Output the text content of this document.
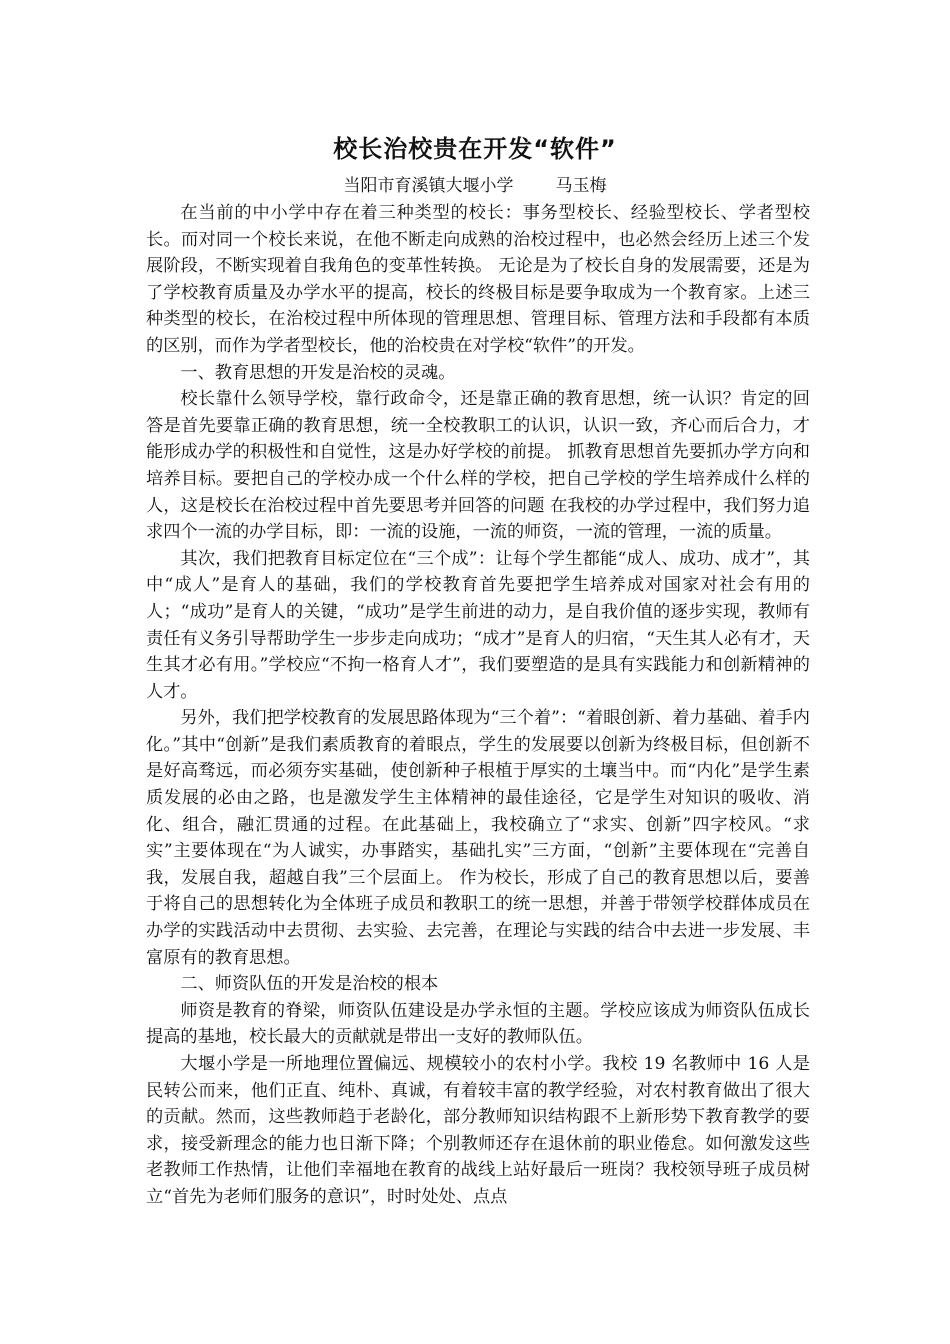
校长治校贵在开发“软件”
当阳市育溪镇大堰小学 马玉梅

在当前的中小学中存在着三种类型的校长：事务型校长、经验型校长、学者型校长。而对同一个校长来说，在他不断走向成熟的治校过程中，也必然会经历上述三个发展阶段，不断实现着自我角色的变革性转换。 无论是为了校长自身的发展需要，还是为了学校教育质量及办学水平的提高，校长的终极目标是要争取成为一个教育家。上述三种类型的校长，在治校过程中所体现的管理思想、管理目标、管理方法和手段都有本质的区别，而作为学者型校长，他的治校贵在对学校“软件”的开发。

一、教育思想的开发是治校的灵魂。

校长靠什么领导学校，靠行政命令，还是靠正确的教育思想，统一认识？肯定的回答是首先要靠正确的教育思想，统一全校教职工的认识，认识一致，齐心而后合力，才能形成办学的积极性和自觉性，这是办好学校的前提。 抓教育思想首先要抓办学方向和培养目标。要把自己的学校办成一个什么样的学校，把自己学校的学生培养成什么样的人，这是校长在治校过程中首先要思考并回答的问题 在我校的办学过程中，我们努力追求四个一流的办学目标，即：一流的设施，一流的师资，一流的管理，一流的质量。

其次，我们把教育目标定位在“三个成”：让每个学生都能“成人、成功、成才”，其中“成人”是育人的基础，我们的学校教育首先要把学生培养成对国家对社会有用的人；“成功”是育人的关键，“成功”是学生前进的动力，是自我价值的逐步实现，教师有责任有义务引导帮助学生一步步走向成功；“成才”是育人的归宿，“天生其人必有才，天生其才必有用。”学校应“不拘一格育人才”，我们要塑造的是具有实践能力和创新精神的人才。

另外，我们把学校教育的发展思路体现为“三个着”：“着眼创新、着力基础、着手内化。”其中“创新”是我们素质教育的着眼点，学生的发展要以创新为终极目标，但创新不是好高骛远，而必须夯实基础，使创新种子根植于厚实的土壤当中。而“内化”是学生素质发展的必由之路，也是激发学生主体精神的最佳途径，它是学生对知识的吸收、消化、组合，融汇贯通的过程。在此基础上，我校确立了“求实、创新”四字校风。“求实”主要体现在“为人诚实，办事踏实，基础扎实”三方面，“创新”主要体现在“完善自我，发展自我，超越自我”三个层面上。 作为校长，形成了自己的教育思想以后，要善于将自己的思想转化为全体班子成员和教职工的统一思想，并善于带领学校群体成员在办学的实践活动中去贯彻、去实验、去完善，在理论与实践的结合中去进一步发展、丰富原有的教育思想。

二、师资队伍的开发是治校的根本

师资是教育的脊梁，师资队伍建设是办学永恒的主题。学校应该成为师资队伍成长提高的基地，校长最大的贡献就是带出一支好的教师队伍。

大堰小学是一所地理位置偏远、规模较小的农村小学。我校 19 名教师中 16 人是民转公而来，他们正直、纯朴、真诚，有着较丰富的教学经验，对农村教育做出了很大的贡献。然而，这些教师趋于老龄化，部分教师知识结构跟不上新形势下教育教学的要求，接受新理念的能力也日渐下降；个别教师还存在退休前的职业倦怠。如何激发这些老教师工作热情，让他们幸福地在教育的战线上站好最后一班岗？我校领导班子成员树立“首先为老师们服务的意识”，时时处处、点点
